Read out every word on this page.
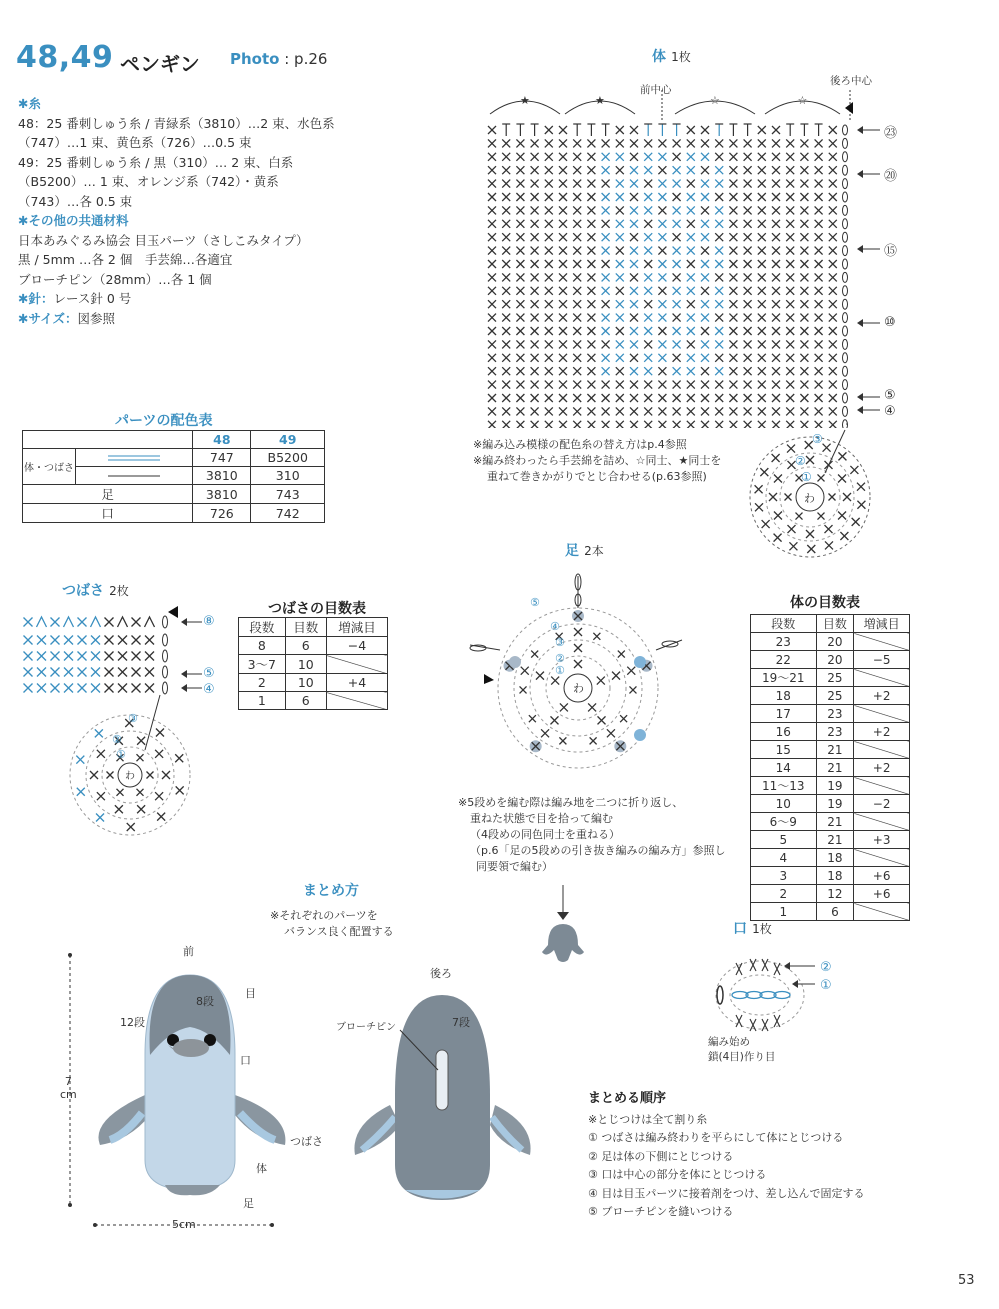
48,49 ペンギン Photo : p.26
✱糸
48：25 番刺しゅう糸 / 青緑系（3810）…2 束、水色系（747）…1 束、黄色系（726）…0.5 束
49：25 番刺しゅう糸 / 黒（310）… 2 束、白系（B5200）… 1 束、オレンジ系（742）・黄系（743）…各 0.5 束
✱その他の共通材料
日本あみぐるみ協会 目玉パーツ（さしこみタイプ）
黒 / 5mm …各 2 個　手芸綿…各適宜
ブローチピン（28mm）…各 1 個
✱針：レース針 0 号
✱サイズ：図参照
パーツの配色表
		48	49
体・つばさ		747	B5200
	3810	310
足		3810	743
口		726	742
体 1枚
前中心
後ろ中心
★	★	☆	☆
㉓
⑳
⑮
⑩
⑤
④
※編み込み模様の配色糸の替え方はp.4参照
※編み終わったら手芸綿を詰め、☆同士、★同士を
重ねて巻きかがりでとじ合わせる(p.63参照)
③
②
①
わ
つばさ 2枚
わ
③
②
①
⑧
⑤
④
つばさの目数表
段数	目数	増減目
8	6	−4
3〜7	10	
2	10	+4
1	6	
足 2本
わ
⑤
④
③
②
①
※5段めを編む際は編み地を二つに折り返し、
重ねた状態で目を拾って編む
（4段めの同色同士を重ねる）
（p.6「足の5段めの引き抜き編みの編み方」参照し
同要領で編む）
体の目数表
段数	目数	増減目
23	20	
22	20	−5
19〜21	25	
18	25	+2
17	23	
16	23	+2
15	21	
14	21	+2
11〜13	19	
10	19	−2
6〜9	21	
5	21	+3
4	18	
3	18	+6
2	12	+6
1	6	
まとめ方
※それぞれのパーツを
バランス良く配置する
前
目
8段
12段
口
つばさ
体
足
7
cm
5cm
後ろ
ブローチピン	7段
口 1枚
②
①
編み始め
鎖(4目)作り目
まとめる順序
※とじつけは全て割り糸
① つばさは編み終わりを平らにして体にとじつける
② 足は体の下側にとじつける
③ 口は中心の部分を体にとじつける
④ 目は目玉パーツに接着剤をつけ、差し込んで固定する
⑤ ブローチピンを縫いつける
53
